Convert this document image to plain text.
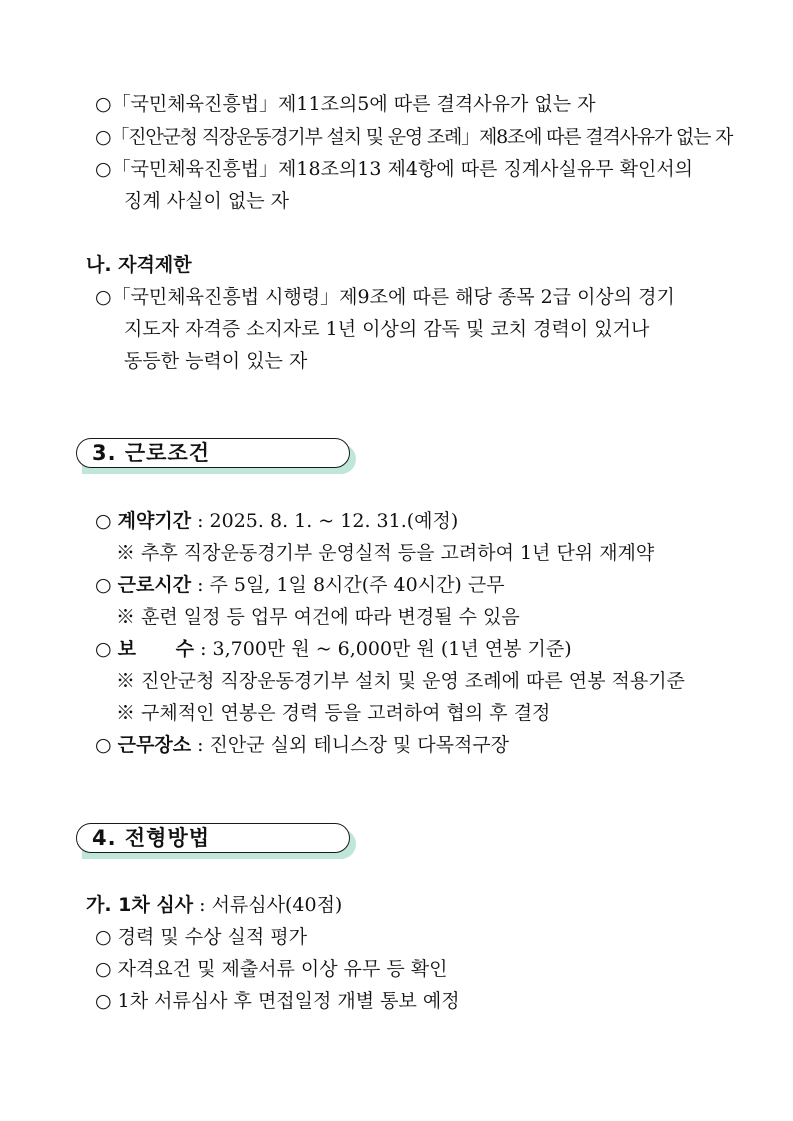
○「국민체육진흥법」제11조의5에 따른 결격사유가 없는 자
○「진안군청 직장운동경기부 설치 및 운영 조례」제8조에 따른 결격사유가 없는 자
○「국민체육진흥법」제18조의13 제4항에 따른 징계사실유무 확인서의
징계 사실이 없는 자
나. 자격제한
○「국민체육진흥법 시행령」제9조에 따른 해당 종목 2급 이상의 경기
지도자 자격증 소지자로 1년 이상의 감독 및 코치 경력이 있거나
동등한 능력이 있는 자
3. 근로조건
○ 계약기간 : 2025. 8. 1. ~ 12. 31.(예정)
※ 추후 직장운동경기부 운영실적 등을 고려하여 1년 단위 재계약
○ 근로시간 : 주 5일, 1일 8시간(주 40시간) 근무
※ 훈련 일정 등 업무 여건에 따라 변경될 수 있음
○ 보      수 : 3,700만 원 ~ 6,000만 원 (1년 연봉 기준)
※ 진안군청 직장운동경기부 설치 및 운영 조례에 따른 연봉 적용기준
※ 구체적인 연봉은 경력 등을 고려하여 협의 후 결정
○ 근무장소 : 진안군 실외 테니스장 및 다목적구장
4. 전형방법
가. 1차 심사 : 서류심사(40점)
○ 경력 및 수상 실적 평가
○ 자격요건 및 제출서류 이상 유무 등 확인
○ 1차 서류심사 후 면접일정 개별 통보 예정
